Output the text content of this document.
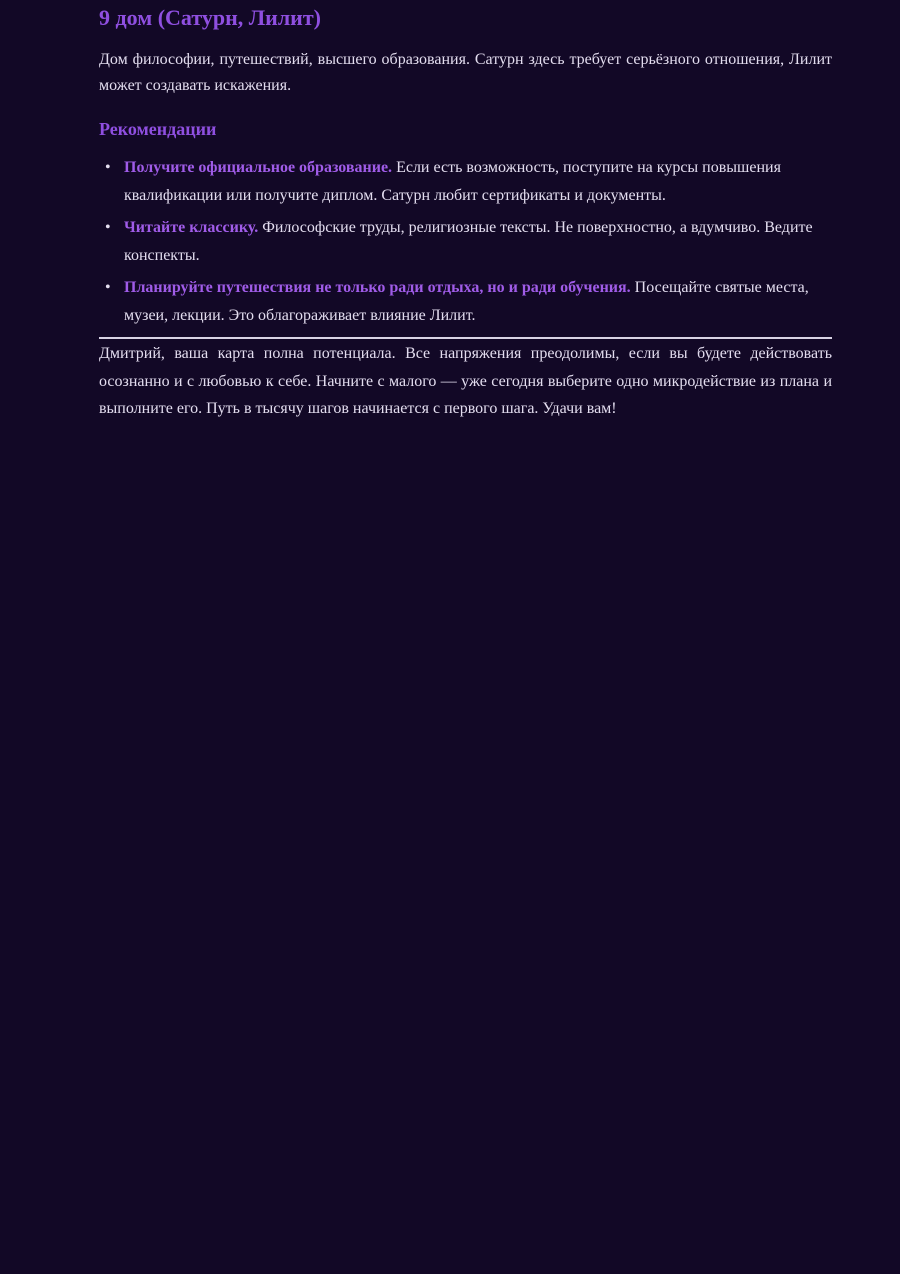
9 дом (Сатурн, Лилит)

Дом философии, путешествий, высшего образования. Сатурн здесь требует серьёзного отношения, Лилит может создавать искажения.

Рекомендации
• Получите официальное образование. Если есть возможность, поступите на курсы повышения квалификации или получите диплом. Сатурн любит сертификаты и документы.
• Читайте классику. Философские труды, религиозные тексты. Не поверхностно, а вдумчиво. Ведите конспекты.
• Планируйте путешествия не только ради отдыха, но и ради обучения. Посещайте святые места, музеи, лекции. Это облагораживает влияние Лилит.

Дмитрий, ваша карта полна потенциала. Все напряжения преодолимы, если вы будете действовать осознанно и с любовью к себе. Начните с малого — уже сегодня выберите одно микродействие из плана и выполните его. Путь в тысячу шагов начинается с первого шага. Удачи вам!
